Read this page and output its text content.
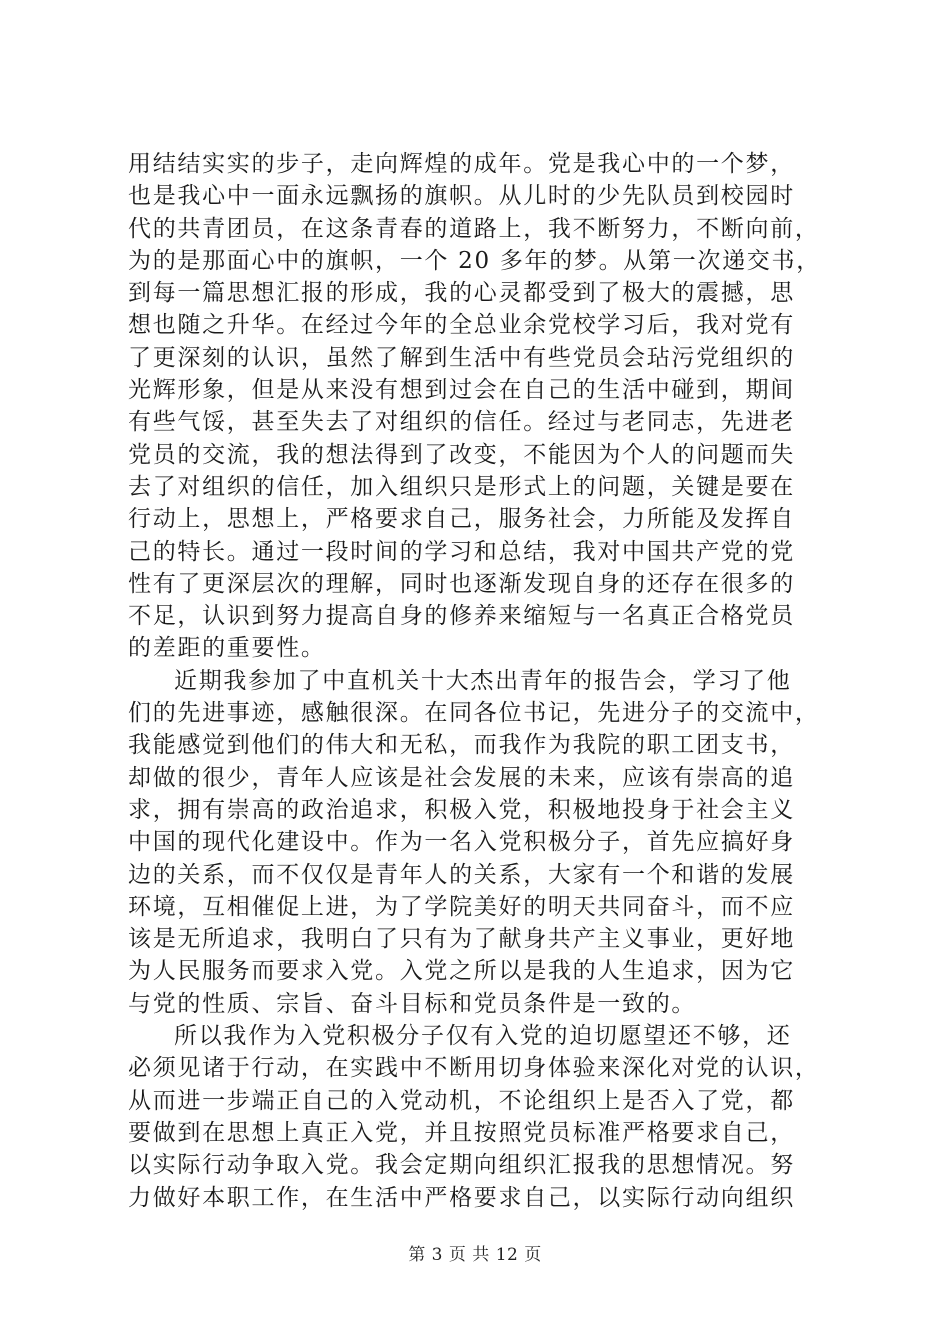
用结结实实的步子，走向辉煌的成年。党是我心中的一个梦，
也是我心中一面永远飘扬的旗帜。从儿时的少先队员到校园时
代的共青团员，在这条青春的道路上，我不断努力，不断向前，
为的是那面心中的旗帜，一个 20 多年的梦。从第一次递交书，
到每一篇思想汇报的形成，我的心灵都受到了极大的震撼，思
想也随之升华。在经过今年的全总业余党校学习后，我对党有
了更深刻的认识，虽然了解到生活中有些党员会玷污党组织的
光辉形象，但是从来没有想到过会在自己的生活中碰到，期间
有些气馁，甚至失去了对组织的信任。经过与老同志，先进老
党员的交流，我的想法得到了改变，不能因为个人的问题而失
去了对组织的信任，加入组织只是形式上的问题，关键是要在
行动上，思想上，严格要求自己，服务社会，力所能及发挥自
己的特长。通过一段时间的学习和总结，我对中国共产党的党
性有了更深层次的理解，同时也逐渐发现自身的还存在很多的
不足，认识到努力提高自身的修养来缩短与一名真正合格党员
的差距的重要性。
近期我参加了中直机关十大杰出青年的报告会，学习了他
们的先进事迹，感触很深。在同各位书记，先进分子的交流中，
我能感觉到他们的伟大和无私，而我作为我院的职工团支书，
却做的很少，青年人应该是社会发展的未来，应该有崇高的追
求，拥有崇高的政治追求，积极入党，积极地投身于社会主义
中国的现代化建设中。作为一名入党积极分子，首先应搞好身
边的关系，而不仅仅是青年人的关系，大家有一个和谐的发展
环境，互相催促上进，为了学院美好的明天共同奋斗，而不应
该是无所追求，我明白了只有为了献身共产主义事业，更好地
为人民服务而要求入党。入党之所以是我的人生追求，因为它
与党的性质、宗旨、奋斗目标和党员条件是一致的。
所以我作为入党积极分子仅有入党的迫切愿望还不够，还
必须见诸于行动，在实践中不断用切身体验来深化对党的认识，
从而进一步端正自己的入党动机，不论组织上是否入了党，都
要做到在思想上真正入党，并且按照党员标准严格要求自己，
以实际行动争取入党。我会定期向组织汇报我的思想情况。努
力做好本职工作，在生活中严格要求自己，以实际行动向组织
第 3 页 共 12 页
